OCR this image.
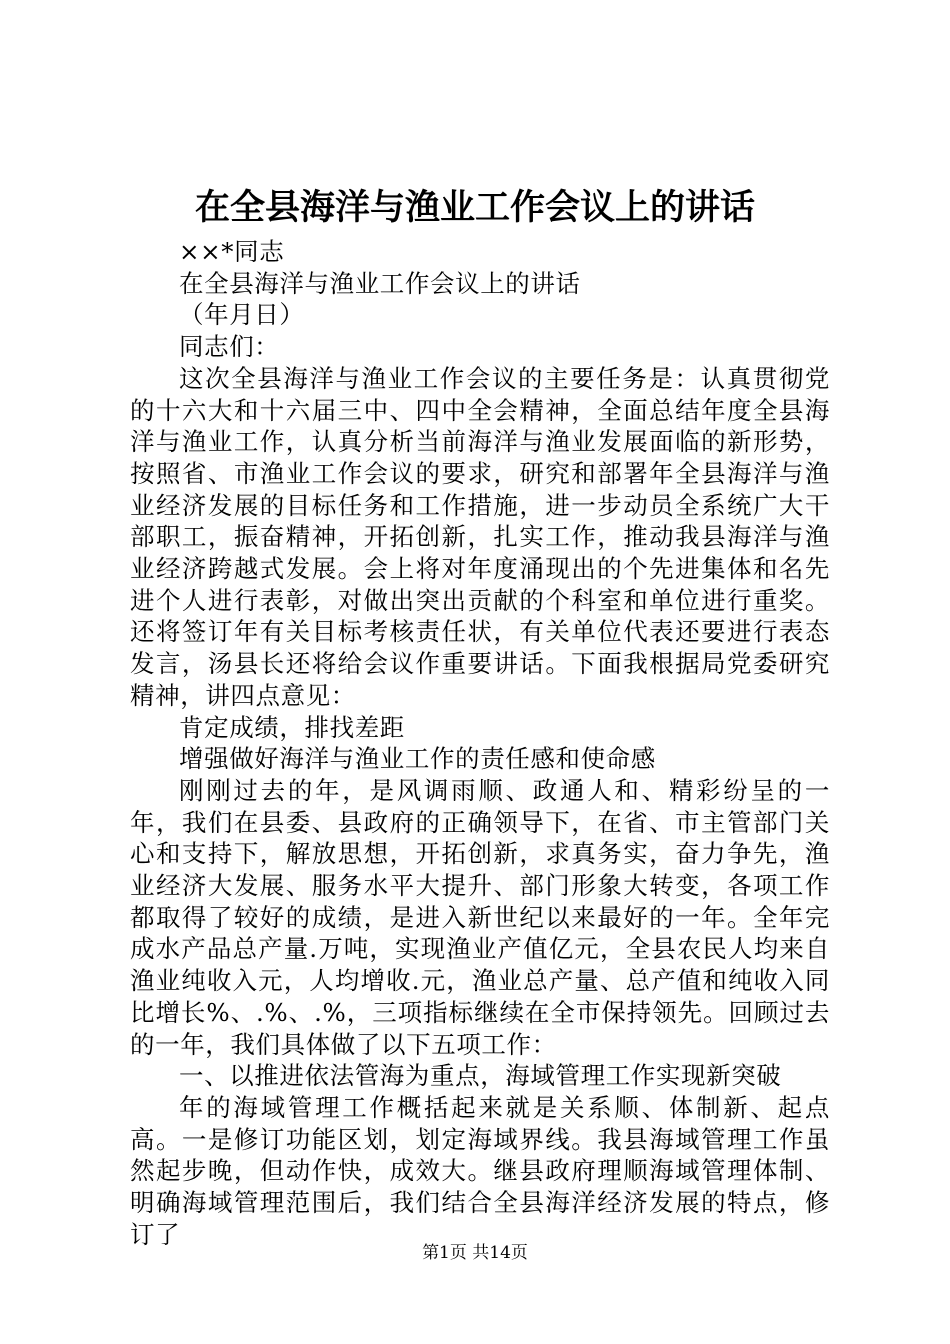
在全县海洋与渔业工作会议上的讲话

××*同志

在全县海洋与渔业工作会议上的讲话

（年月日）

同志们：

这次全县海洋与渔业工作会议的主要任务是：认真贯彻党的十六大和十六届三中、四中全会精神，全面总结年度全县海洋与渔业工作，认真分析当前海洋与渔业发展面临的新形势，按照省、市渔业工作会议的要求，研究和部署年全县海洋与渔业经济发展的目标任务和工作措施，进一步动员全系统广大干部职工，振奋精神，开拓创新，扎实工作，推动我县海洋与渔业经济跨越式发展。会上将对年度涌现出的个先进集体和名先进个人进行表彰，对做出突出贡献的个科室和单位进行重奖。还将签订年有关目标考核责任状，有关单位代表还要进行表态发言，汤县长还将给会议作重要讲话。下面我根据局党委研究精神，讲四点意见：

肯定成绩，排找差距

增强做好海洋与渔业工作的责任感和使命感

刚刚过去的年，是风调雨顺、政通人和、精彩纷呈的一年，我们在县委、县政府的正确领导下，在省、市主管部门关心和支持下，解放思想，开拓创新，求真务实，奋力争先，渔业经济大发展、服务水平大提升、部门形象大转变，各项工作都取得了较好的成绩，是进入新世纪以来最好的一年。全年完成水产品总产量.万吨，实现渔业产值亿元，全县农民人均来自渔业纯收入元，人均增收.元，渔业总产量、总产值和纯收入同比增长%、.%、.%，三项指标继续在全市保持领先。回顾过去的一年，我们具体做了以下五项工作：

一、以推进依法管海为重点，海域管理工作实现新突破

年的海域管理工作概括起来就是关系顺、体制新、起点高。一是修订功能区划，划定海域界线。我县海域管理工作虽然起步晚，但动作快，成效大。继县政府理顺海域管理体制、明确海域管理范围后，我们结合全县海洋经济发展的特点，修订了

第1页 共14页
